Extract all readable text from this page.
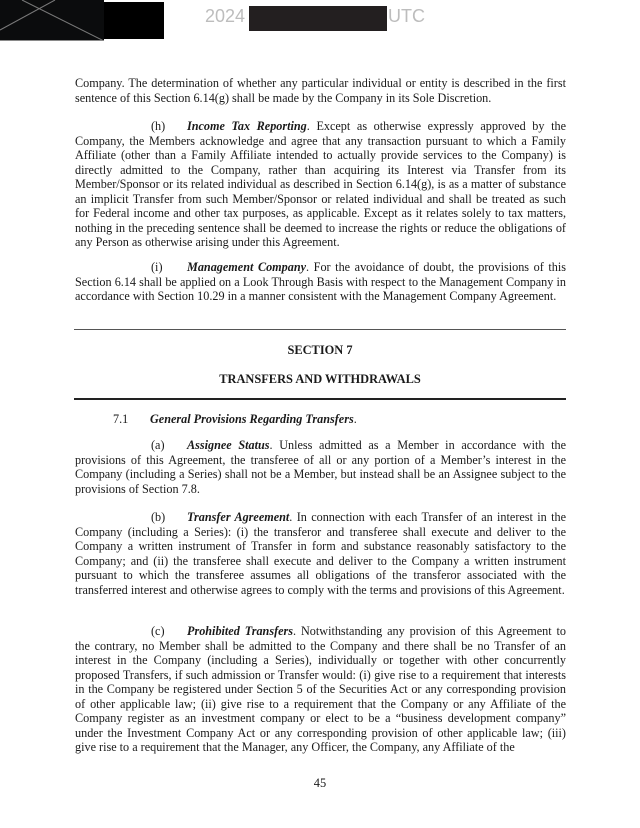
2024	UTC

Company. The determination of whether any particular individual or entity is described in the first sentence of this Section 6.14(g) shall be made by the Company in its Sole Discretion.

(h) Income Tax Reporting. Except as otherwise expressly approved by the Company, the Members acknowledge and agree that any transaction pursuant to which a Family Affiliate (other than a Family Affiliate intended to actually provide services to the Company) is directly admitted to the Company, rather than acquiring its Interest via Transfer from its Member/Sponsor or its related individual as described in Section 6.14(g), is as a matter of substance an implicit Transfer from such Member/Sponsor or related individual and shall be treated as such for Federal income and other tax purposes, as applicable. Except as it relates solely to tax matters, nothing in the preceding sentence shall be deemed to increase the rights or reduce the obligations of any Person as otherwise arising under this Agreement.

(i) Management Company. For the avoidance of doubt, the provisions of this Section 6.14 shall be applied on a Look Through Basis with respect to the Management Company in accordance with Section 10.29 in a manner consistent with the Management Company Agreement.

SECTION 7
TRANSFERS AND WITHDRAWALS
7.1 General Provisions Regarding Transfers.

(a) Assignee Status. Unless admitted as a Member in accordance with the provisions of this Agreement, the transferee of all or any portion of a Member’s interest in the Company (including a Series) shall not be a Member, but instead shall be an Assignee subject to the provisions of Section 7.8.

(b) Transfer Agreement. In connection with each Transfer of an interest in the Company (including a Series): (i) the transferor and transferee shall execute and deliver to the Company a written instrument of Transfer in form and substance reasonably satisfactory to the Company; and (ii) the transferee shall execute and deliver to the Company a written instrument pursuant to which the transferee assumes all obligations of the transferor associated with the transferred interest and otherwise agrees to comply with the terms and provisions of this Agreement.

(c) Prohibited Transfers. Notwithstanding any provision of this Agreement to the contrary, no Member shall be admitted to the Company and there shall be no Transfer of an interest in the Company (including a Series), individually or together with other concurrently proposed Transfers, if such admission or Transfer would: (i) give rise to a requirement that interests in the Company be registered under Section 5 of the Securities Act or any corresponding provision of other applicable law; (ii) give rise to a requirement that the Company or any Affiliate of the Company register as an investment company or elect to be a “business development company” under the Investment Company Act or any corresponding provision of other applicable law; (iii) give rise to a requirement that the Manager, any Officer, the Company, any Affiliate of the

45
